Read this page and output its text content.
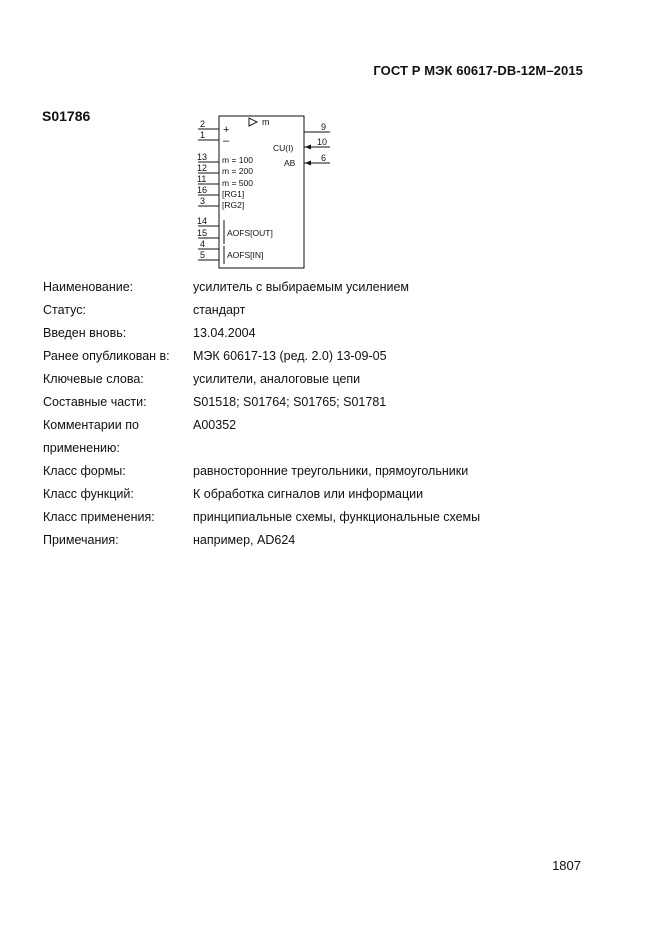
ГОСТ Р МЭК 60617-DB-12M–2015
S01786	m
2
1
13
12
11
16
3
14
15
4
5
9
10
6
+
–
m = 100
m = 200
m = 500
[RG1]
[RG2]
AOFS[OUT]
AOFS[IN]
CU(I)
AB
Наименование:	усилитель с выбираемым усилением
Статус:	стандарт
Введен вновь:	13.04.2004
Ранее опубликован в:	МЭК 60617-13 (ред. 2.0) 13-09-05
Ключевые слова:	усилители, аналоговые цепи
Составные части:	S01518; S01764; S01765; S01781
Комментарии по	А00352
применению:
Класс формы:	равносторонние треугольники, прямоугольники
Класс функций:	К обработка сигналов или информации
Класс применения:	принципиальные схемы, функциональные схемы
Примечания:	например, AD624
1807
